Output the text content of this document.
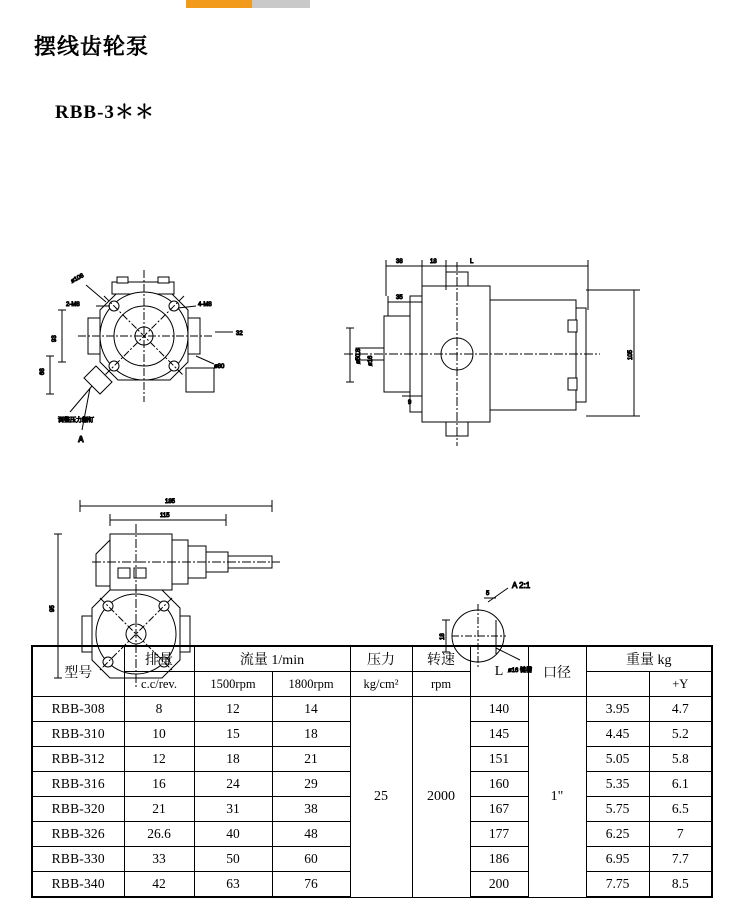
摆线齿轮泵
RBB-3＊＊
ø108
2-M8	4-M8
93
68
ø80
32
调整压力螺钉
A
38	18	L
35
ø50.8 ø16
9
105
185
115
95
A 2:1
5
18
ø16 键槽
型号	排量	流量 1/min		压力	转速	L	口径	重量 kg	
	c.c/rev.	1500rpm	1800rpm	kg/cm²	rpm				+Y
RBB-308	8	12	14	25	2000	140	1"	3.95	4.7
RBB-310	10	15	18			145		4.45	5.2
RBB-312	12	18	21			151		5.05	5.8
RBB-316	16	24	29			160		5.35	6.1
RBB-320	21	31	38			167		5.75	6.5
RBB-326	26.6	40	48			177		6.25	7
RBB-330	33	50	60			186		6.95	7.7
RBB-340	42	63	76			200		7.75	8.5
